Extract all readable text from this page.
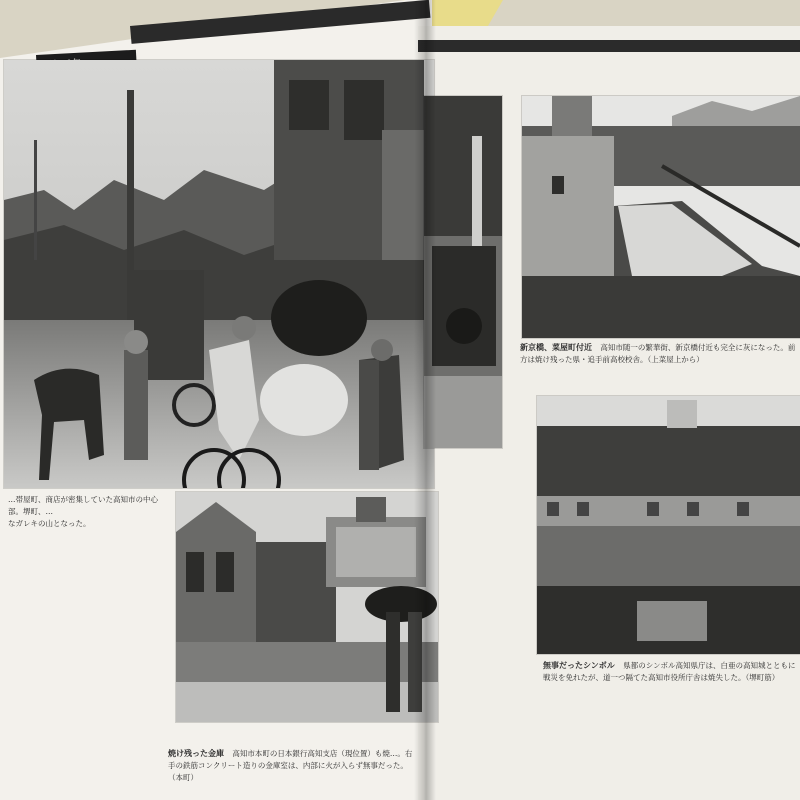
…帯屋町、商店が密集していた高知市の中心部。堺町、…
なガレキの山となった。
焼け残った金庫 高知市本町の日本銀行高知支店（現位置）も焼…。右手の鉄筋コンクリート造りの金庫室は、内部に火が入らず無事だった。（本町）
新京橋、菜屋町付近 高知市随一の繁華街、新京橋付近も完全に灰になった。前方は焼け残った県・追手前高校校舎。（上菜屋上から）
無事だったシンボル 県都のシンボル高知県庁は、白亜の高知城とともに戦災を免れたが、道一つ隔てた高知市役所庁舎は焼失した。（堺町筋）
